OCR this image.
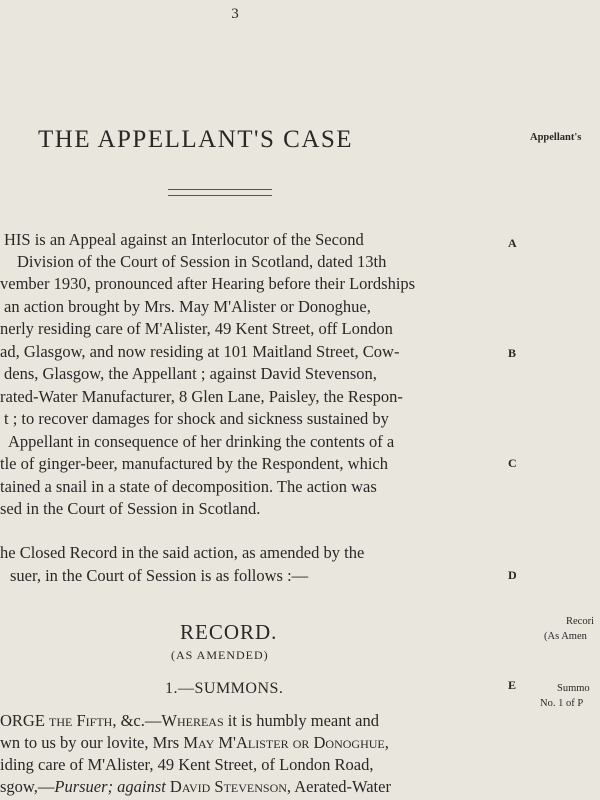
3
THE APPELLANT'S CASE	Appellant's
HIS is an Appeal against an Interlocutor of the Second
Division of the Court of Session in Scotland, dated 13th
vember 1930, pronounced after Hearing before their Lordships
an action brought by Mrs. May M'Alister or Donoghue,
nerly residing care of M'Alister, 49 Kent Street, off London
ad, Glasgow, and now residing at 101 Maitland Street, Cow-
dens, Glasgow, the Appellant ; against David Stevenson,
rated-Water Manufacturer, 8 Glen Lane, Paisley, the Respon-
t ; to recover damages for shock and sickness sustained by
Appellant in consequence of her drinking the contents of a
tle of ginger-beer, manufactured by the Respondent, which
tained a snail in a state of decomposition. The action was
sed in the Court of Session in Scotland.
he Closed Record in the said action, as amended by the
suer, in the Court of Session is as follows :—
A
B
C
D
E
RECORD.
(AS AMENDED)
1.—SUMMONS.
Recori
(As Amen
Summo
No. 1 of P
ORGE the Fifth, &c.—Whereas it is humbly meant and
wn to us by our lovite, Mrs May M'Alister or Donoghue,
iding care of M'Alister, 49 Kent Street, of London Road,
sgow,—Pursuer; against David Stevenson, Aerated-Water
